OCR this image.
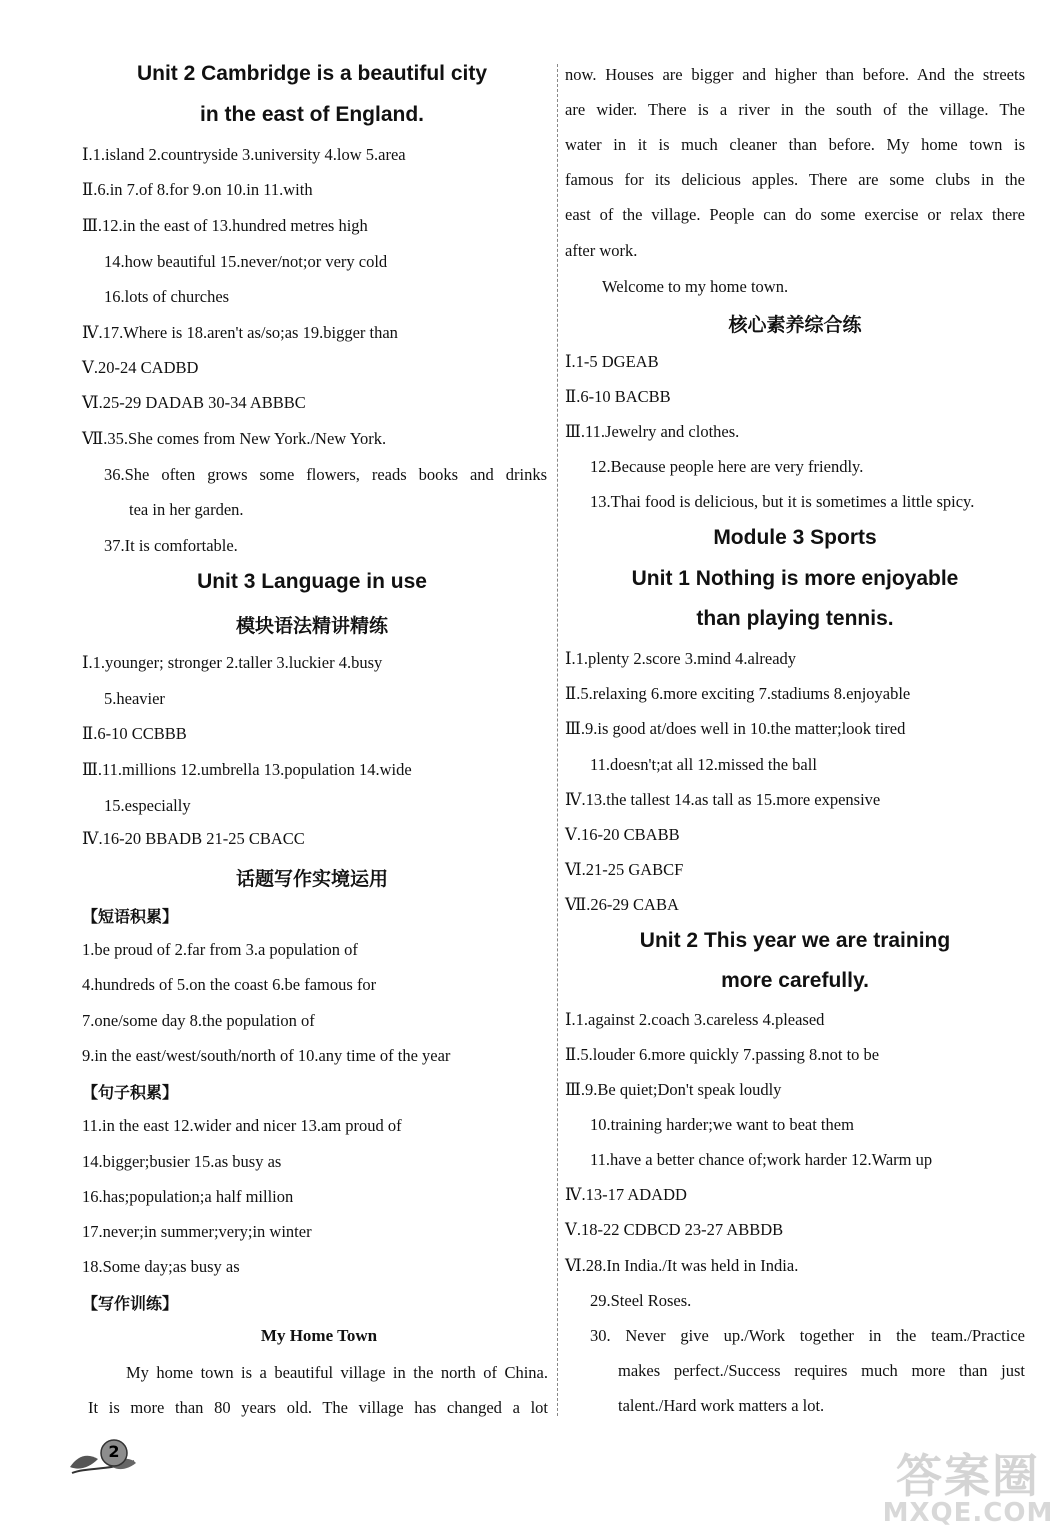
Unit 2 Cambridge is a beautiful city
in the east of England.
Ⅰ.1.island 2.countryside 3.university 4.low 5.area
Ⅱ.6.in 7.of 8.for 9.on 10.in 11.with
Ⅲ.12.in the east of 13.hundred metres high
14.how beautiful 15.never/not;or very cold
16.lots of churches
Ⅳ.17.Where is 18.aren't as/so;as 19.bigger than
Ⅴ.20-24 CADBD
Ⅵ.25-29 DADAB 30-34 ABBBC
Ⅶ.35.She comes from New York./New York.
36.She often grows some flowers, reads books and drinks
tea in her garden.
37.It is comfortable.
Unit 3 Language in use
模块语法精讲精练
Ⅰ.1.younger; stronger 2.taller 3.luckier 4.busy
5.heavier
Ⅱ.6-10 CCBBB
Ⅲ.11.millions 12.umbrella 13.population 14.wide
15.especially
Ⅳ.16-20 BBADB 21-25 CBACC
话题写作实境运用
【短语积累】
1.be proud of 2.far from 3.a population of
4.hundreds of 5.on the coast 6.be famous for
7.one/some day 8.the population of
9.in the east/west/south/north of 10.any time of the year
【句子积累】
11.in the east 12.wider and nicer 13.am proud of
14.bigger;busier 15.as busy as
16.has;population;a half million
17.never;in summer;very;in winter
18.Some day;as busy as
【写作训练】
My Home Town
My home town is a beautiful village in the north of China.
It is more than 80 years old. The village has changed a lot
now. Houses are bigger and higher than before. And the streets
are wider. There is a river in the south of the village. The
water in it is much cleaner than before. My home town is
famous for its delicious apples. There are some clubs in the
east of the village. People can do some exercise or relax there
after work.
Welcome to my home town.
核心素养综合练
Ⅰ.1-5 DGEAB
Ⅱ.6-10 BACBB
Ⅲ.11.Jewelry and clothes.
12.Because people here are very friendly.
13.Thai food is delicious, but it is sometimes a little spicy.
Module 3 Sports
Unit 1 Nothing is more enjoyable
than playing tennis.
Ⅰ.1.plenty 2.score 3.mind 4.already
Ⅱ.5.relaxing 6.more exciting 7.stadiums 8.enjoyable
Ⅲ.9.is good at/does well in 10.the matter;look tired
11.doesn't;at all 12.missed the ball
Ⅳ.13.the tallest 14.as tall as 15.more expensive
Ⅴ.16-20 CBABB
Ⅵ.21-25 GABCF
Ⅶ.26-29 CABA
Unit 2 This year we are training
more carefully.
Ⅰ.1.against 2.coach 3.careless 4.pleased
Ⅱ.5.louder 6.more quickly 7.passing 8.not to be
Ⅲ.9.Be quiet;Don't speak loudly
10.training harder;we want to beat them
11.have a better chance of;work harder 12.Warm up
Ⅳ.13-17 ADADD
Ⅴ.18-22 CDBCD 23-27 ABBDB
Ⅵ.28.In India./It was held in India.
29.Steel Roses.
30. Never give up./Work together in the team./Practice
makes perfect./Success requires much more than just
talent./Hard work matters a lot.
2	答案圈
MXQE.COM
